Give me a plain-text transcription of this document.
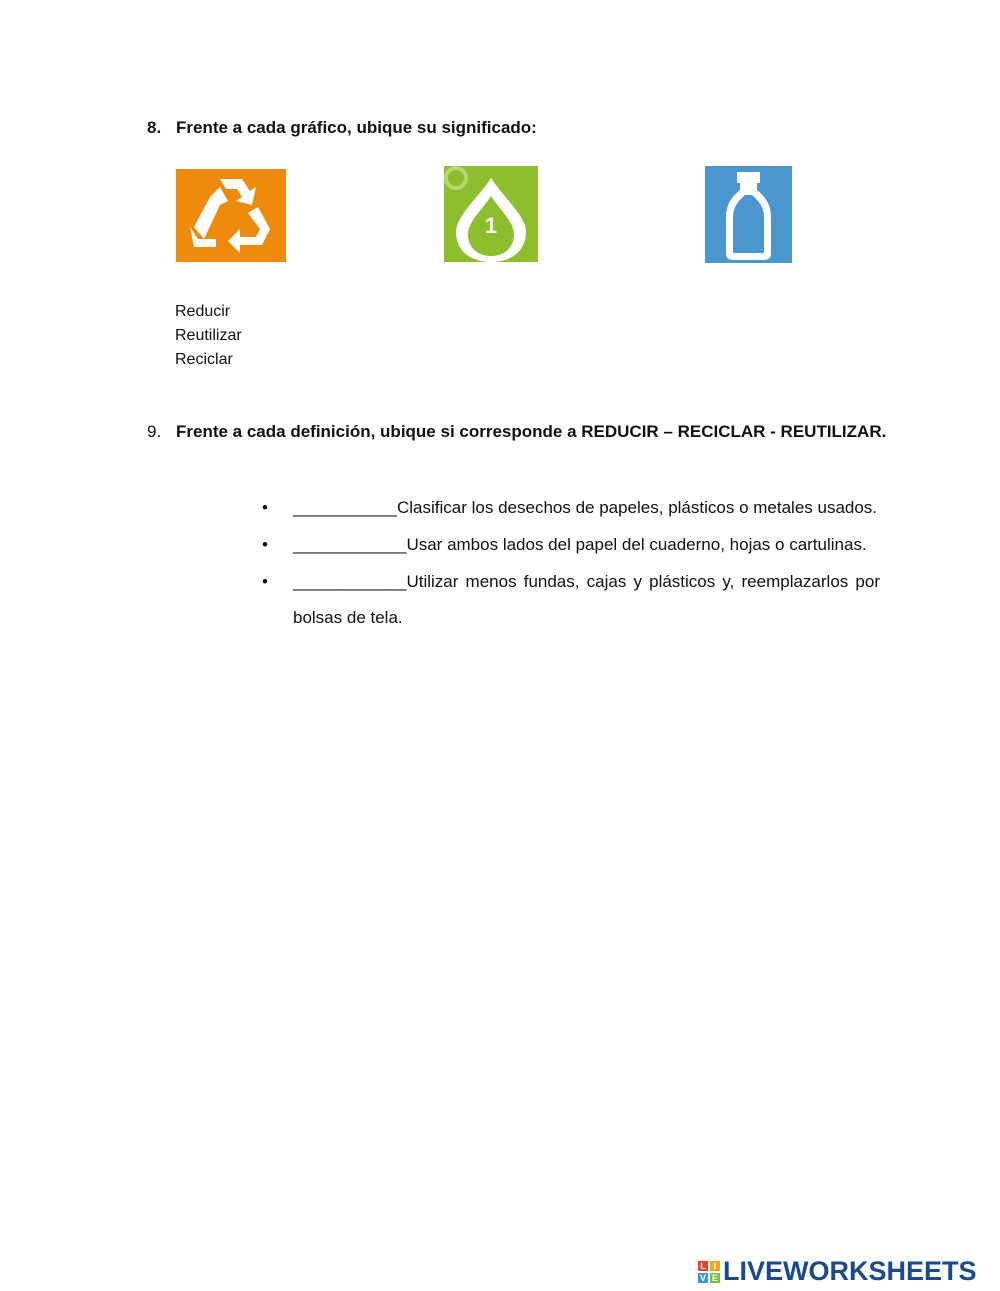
8. Frente a cada gráfico, ubique su significado:
1
Reducir
Reutilizar
Reciclar
9. Frente a cada definición, ubique si corresponde a REDUCIR – RECICLAR - REUTILIZAR.
• ___________Clasificar los desechos de papeles, plásticos o metales usados.
• ____________Usar ambos lados del papel del cuaderno, hojas o cartulinas.
• ____________Utilizar menos fundas, cajas y plásticos y, reemplazarlos por bolsas de tela.
L I
V E LIVEWORKSHEETS
